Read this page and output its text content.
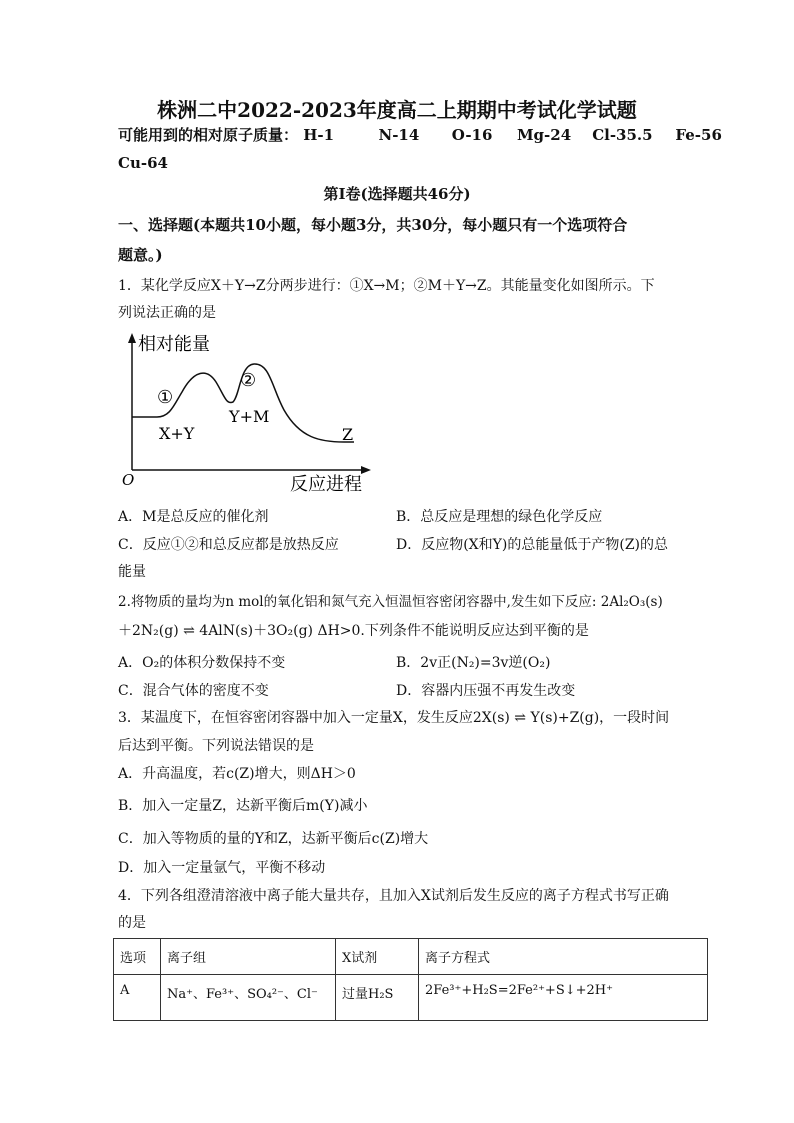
株洲二中2022-2023年度高二上期期中考试化学试题
可能用到的相对原子质量： H-1	N-14 O-16 Mg-24 Cl-35.5 Fe-56
Cu-64
第Ⅰ卷(选择题共46分)
一、选择题(本题共10小题，每小题3分，共30分，每小题只有一个选项符合
题意。)
1．某化学反应X＋Y→Z分两步进行：①X→M；②M＋Y→Z。其能量变化如图所示。下
列说法正确的是
相对能量
O	反应进程
①
②
X+Y
Y+M
Z
A．M是总反应的催化剂	B．总反应是理想的绿色化学反应
C．反应①②和总反应都是放热反应	D．反应物(X和Y)的总能量低于产物(Z)的总
能量
2.将物质的量均为n mol的氧化铝和氮气充入恒温恒容密闭容器中,发生如下反应: 2Al₂O₃(s)
＋2N₂(g) ⇌ 4AlN(s)＋3O₂(g) ΔH>0.下列条件不能说明反应达到平衡的是
A．O₂的体积分数保持不变	B．2v正(N₂)=3v逆(O₂)
C．混合气体的密度不变	D．容器内压强不再发生改变
3．某温度下，在恒容密闭容器中加入一定量X，发生反应2X(s) ⇌ Y(s)+Z(g)，一段时间
后达到平衡。下列说法错误的是
A．升高温度，若c(Z)增大，则ΔH＞0
B．加入一定量Z，达新平衡后m(Y)减小
C．加入等物质的量的Y和Z，达新平衡后c(Z)增大
D．加入一定量氩气，平衡不移动
4．下列各组澄清溶液中离子能大量共存，且加入X试剂后发生反应的离子方程式书写正确
的是
选项	离子组	X试剂	离子方程式
A	Na⁺、Fe³⁺、SO₄²⁻、Cl⁻	过量H₂S	2Fe³⁺+H₂S=2Fe²⁺+S↓+2H⁺
